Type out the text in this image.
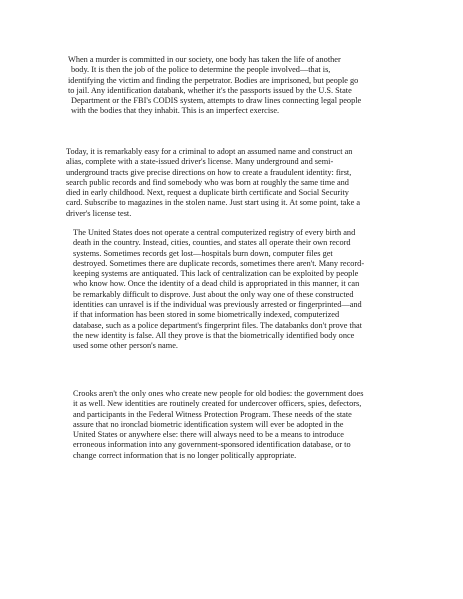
When a murder is committed in our society, one body has taken the life of another
body. It is then the job of the police to determine the people involved—that is,
identifying the victim and finding the perpetrator. Bodies are imprisoned, but people go
to jail. Any identification databank, whether it's the passports issued by the U.S. State
Department or the FBI's CODIS system, attempts to draw lines connecting legal people
with the bodies that they inhabit. This is an imperfect exercise.
Today, it is remarkably easy for a criminal to adopt an assumed name and construct an
alias, complete with a state-issued driver's license. Many underground and semi-
underground tracts give precise directions on how to create a fraudulent identity: first,
search public records and find somebody who was born at roughly the same time and
died in early childhood. Next, request a duplicate birth certificate and Social Security
card. Subscribe to magazines in the stolen name. Just start using it. At some point, take a
driver's license test.
The United States does not operate a central computerized registry of every birth and
death in the country. Instead, cities, counties, and states all operate their own record
systems. Sometimes records get lost—hospitals burn down, computer files get
destroyed. Sometimes there are duplicate records, sometimes there aren't. Many record-
keeping systems are antiquated. This lack of centralization can be exploited by people
who know how. Once the identity of a dead child is appropriated in this manner, it can
be remarkably difficult to disprove. Just about the only way one of these constructed
identities can unravel is if the individual was previously arrested or fingerprinted—and
if that information has been stored in some biometrically indexed, computerized
database, such as a police department's fingerprint files. The databanks don't prove that
the new identity is false. All they prove is that the biometrically identified body once
used some other person's name.
Crooks aren't the only ones who create new people for old bodies: the government does
it as well. New identities are routinely created for undercover officers, spies, defectors,
and participants in the Federal Witness Protection Program. These needs of the state
assure that no ironclad biometric identification system will ever be adopted in the
United States or anywhere else: there will always need to be a means to introduce
erroneous information into any government-sponsored identification database, or to
change correct information that is no longer politically appropriate.
